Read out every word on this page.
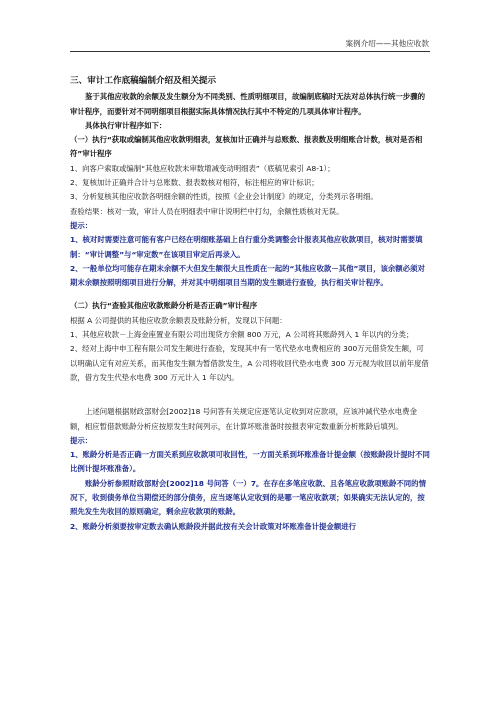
案例介绍——其他应收款

三、审计工作底稿编制介绍及相关提示

鉴于其他应收款的余额及发生额分为不同类别、性质明细项目，故编制底稿时无法对总体执行统一步骤的审计程序，而要针对不同明细项目根据实际具体情况执行其中不特定的几项具体审计程序。

具体执行审计程序如下：

（一）执行“获取或编制其他应收款明细表，复核加计正确并与总账数、报表数及明细账合计数，核对是否相符”审计程序

1、向客户索取或编制“其他应收款未审数增减变动明细表”（底稿见索引 A8-1）；

2、复核加计正确并合计与总账数、报表数核对相符，标注相应的审计标识；

3、分析复核其他应收款各明细余额的性质，按照《企业会计制度》的规定，分类列示各明细。

查验结果：核对一致，审计人员在明细表中审计说明栏中打勾，余额性质核对无误。

提示：

1、核对时需要注意可能有客户已经在明细账基础上自行重分类调整会计报表其他应收款项目，核对时需要填制：“审计调整”与“审定数”在该项目审定后再录入。

2、一般单位均可能存在期末余额不大但发生额很大且性质在一起的“其他应收款－其他”项目，该余额必须对期末余额按照明细项目进行分解，并对其中明细项目当期的发生额进行查验，执行相关审计程序。

（二）执行“查验其他应收款账龄分析是否正确”审计程序

根据 A 公司提供的其他应收款余额表及账龄分析，发现以下问题：

1、其他应收款－上海金座置业有限公司出现贷方余额 800 万元，A 公司将其账龄列入 1 年以内的分类；

2、经对上海中申工程有限公司发生额进行查验，发现其中有一笔代垫水电费相应的 300万元借贷发生额，可以明确认定有对应关系，而其他发生额为暂借款发生，A 公司将收回代垫水电费 300 万元视为收回以前年度借款，借方发生代垫水电费 300 万元计入 1 年以内。

上述问题根据财政部财会[2002]18 号问答有关规定应逐笔认定收到对应款项，应该冲减代垫水电费金额，相应暂借款账龄分析应按原发生时间列示，在计算坏账准备时按报表审定数重新分析账龄后填列。

提示：

1、账龄分析是否正确一方面关系到应收款项可收回性，一方面关系到坏账准备计提金额（按账龄段计提时不同比例计提坏账准备）。

账龄分析参照财政部财会[2002]18 号问答（一）7。在存在多笔应收款、且各笔应收款项账龄不同的情况下，收到债务单位当期偿还的部分债务，应当逐笔认定收到的是哪一笔应收款项；如果确实无法认定的，按照先发生先收回的原则确定，剩余应收款项的账龄。

2、账龄分析须要按审定数去确认账龄段并据此按有关会计政策对坏账准备计提金额进行
